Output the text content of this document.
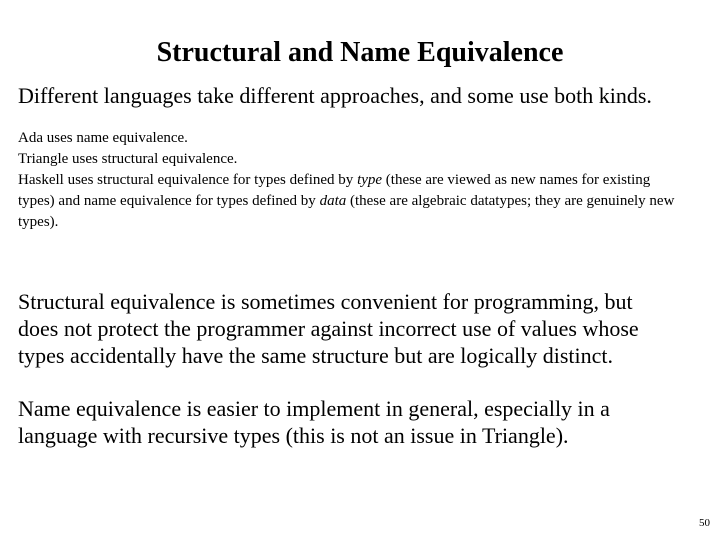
Structural and Name Equivalence
Different languages take different approaches, and some use both kinds.
Ada uses name equivalence.
Triangle uses structural equivalence.
Haskell uses structural equivalence for types defined by type (these are viewed as new names for existing types) and name equivalence for types defined by data (these are algebraic datatypes; they are genuinely new types).
Structural equivalence is sometimes convenient for programming, but
does not protect the programmer against incorrect use of values whose
types accidentally have the same structure but are logically distinct.
Name equivalence is easier to implement in general, especially in a
language with recursive types (this is not an issue in Triangle).
50
